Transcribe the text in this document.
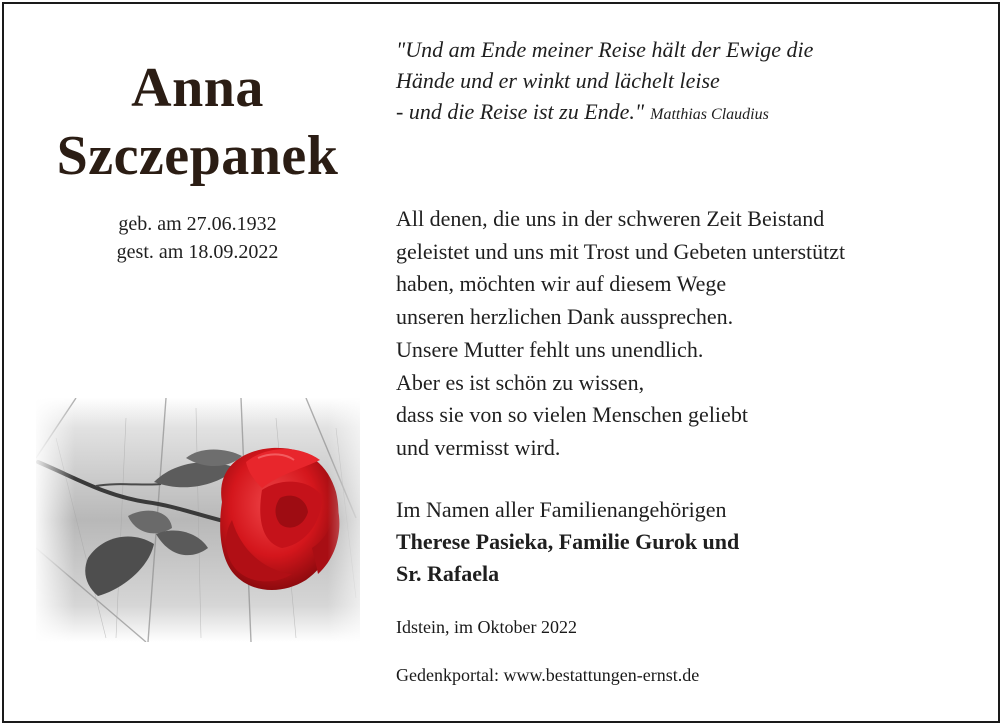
Anna
Szczepanek
geb. am 27.06.1932
gest. am 18.09.2022
"Und am Ende meiner Reise hält der Ewige die
Hände und er winkt und lächelt leise
- und die Reise ist zu Ende." Matthias Claudius
All denen, die uns in der schweren Zeit Beistand
geleistet und uns mit Trost und Gebeten unterstützt
haben, möchten wir auf diesem Wege
unseren herzlichen Dank aussprechen.
Unsere Mutter fehlt uns unendlich.
Aber es ist schön zu wissen,
dass sie von so vielen Menschen geliebt
und vermisst wird.
Im Namen aller Familienangehörigen
Therese Pasieka, Familie Gurok und
Sr. Rafaela
Idstein, im Oktober 2022
Gedenkportal: www.bestattungen-ernst.de
